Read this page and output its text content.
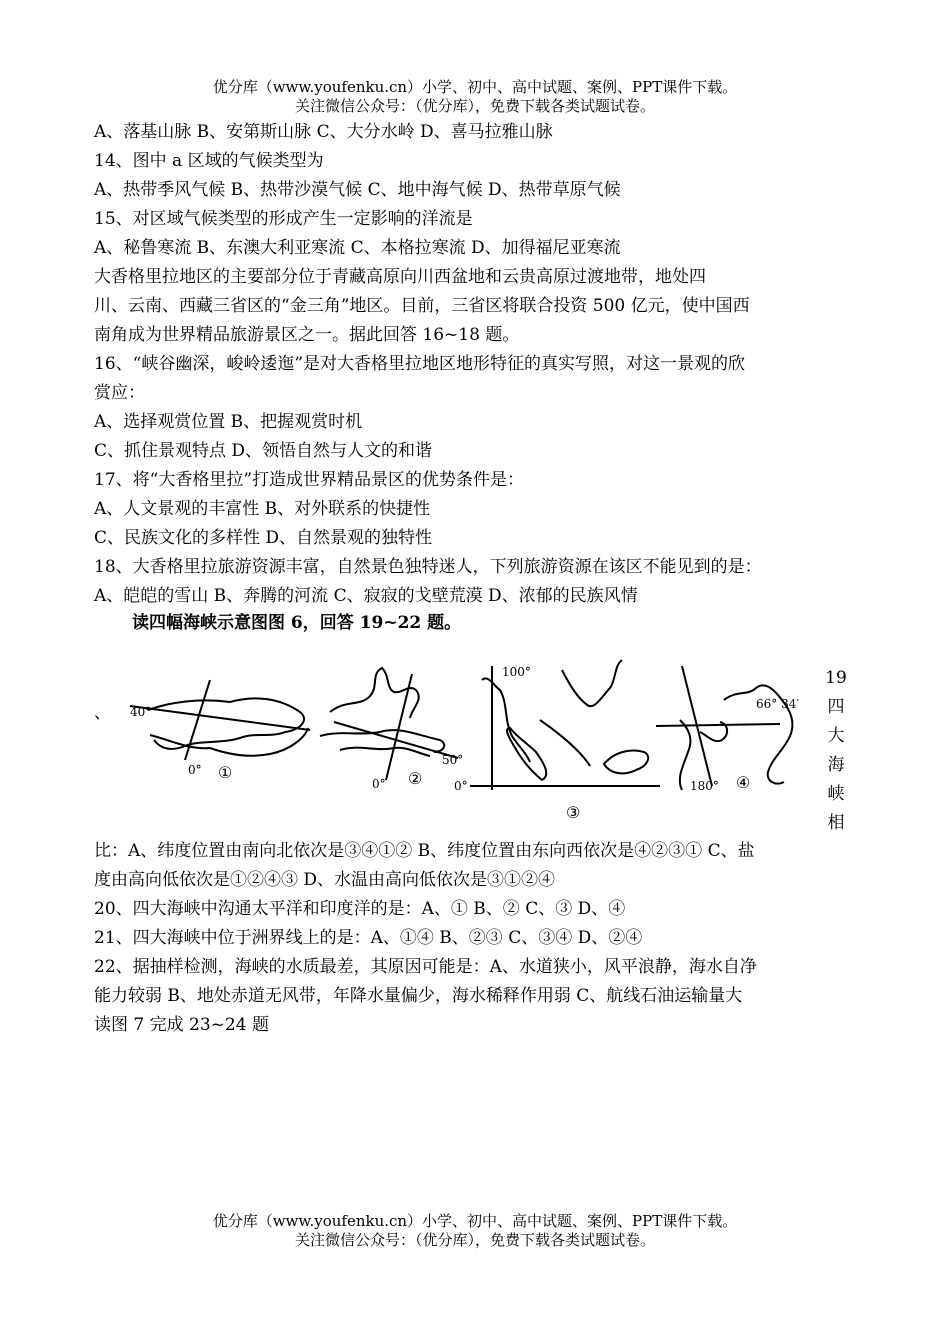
优分库（www.youfenku.cn）小学、初中、高中试题、案例、PPT课件下载。
关注微信公众号：（优分库），免费下载各类试题试卷。
A、落基山脉 B、安第斯山脉 C、大分水岭 D、喜马拉雅山脉
14、图中 a 区域的气候类型为
A、热带季风气候 B、热带沙漠气候 C、地中海气候 D、热带草原气候
15、对区域气候类型的形成产生一定影响的洋流是
A、秘鲁寒流 B、东澳大利亚寒流 C、本格拉寒流 D、加得福尼亚寒流
大香格里拉地区的主要部分位于青藏高原向川西盆地和云贵高原过渡地带，地处四
川、云南、西藏三省区的“金三角”地区。目前，三省区将联合投资 500 亿元，使中国西
南角成为世界精品旅游景区之一。据此回答 16~18 题。
16、“峡谷幽深，峻岭逶迤”是对大香格里拉地区地形特征的真实写照，对这一景观的欣
赏应：
A、选择观赏位置 B、把握观赏时机
C、抓住景观特点 D、领悟自然与人文的和谐
17、将“大香格里拉”打造成世界精品景区的优势条件是：
A、人文景观的丰富性 B、对外联系的快捷性
C、民族文化的多样性 D、自然景观的独特性
18、大香格里拉旅游资源丰富，自然景色独特迷人，下列旅游资源在该区不能见到的是：
A、皑皑的雪山 B、奔腾的河流 C、寂寂的戈壁荒漠 D、浓郁的民族风情
读四幅海峡示意图图 6，回答 19~22 题。
、 40°
0° ①
50°
0° ②
100°
0°
③
66° 34′
180° ④
19
四
大
海
峡
相
比：A、纬度位置由南向北依次是③④①② B、纬度位置由东向西依次是④②③① C、盐
度由高向低依次是①②④③ D、水温由高向低依次是③①②④
20、四大海峡中沟通太平洋和印度洋的是：A、① B、② C、③ D、④
21、四大海峡中位于洲界线上的是：A、①④ B、②③ C、③④ D、②④
22、据抽样检测，海峡的水质最差，其原因可能是：A、水道狭小，风平浪静，海水自净
能力较弱 B、地处赤道无风带，年降水量偏少，海水稀释作用弱 C、航线石油运输量大
读图 7 完成 23~24 题
优分库（www.youfenku.cn）小学、初中、高中试题、案例、PPT课件下载。
关注微信公众号：（优分库），免费下载各类试题试卷。
